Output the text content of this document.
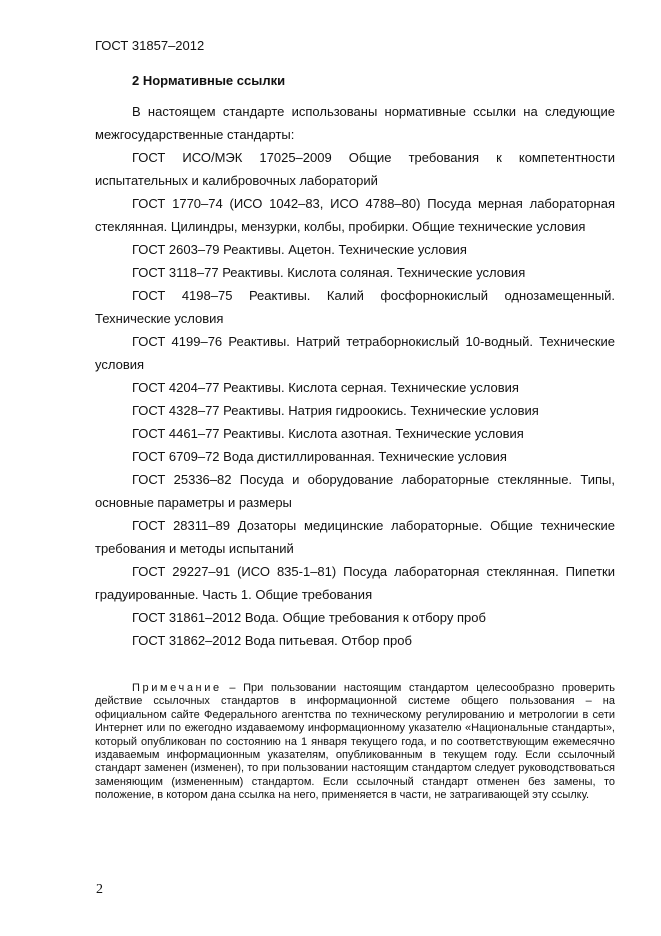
ГОСТ 31857–2012
2 Нормативные ссылки

В настоящем стандарте использованы нормативные ссылки на следующие межгосударственные стандарты:

ГОСТ ИСО/МЭК 17025–2009 Общие требования к компетентности испытательных и калибровочных лабораторий

ГОСТ 1770–74 (ИСО 1042–83, ИСО 4788–80) Посуда мерная лабораторная стеклянная. Цилиндры, мензурки, колбы, пробирки. Общие технические условия

ГОСТ 2603–79 Реактивы. Ацетон. Технические условия

ГОСТ 3118–77 Реактивы. Кислота соляная. Технические условия

ГОСТ 4198–75 Реактивы. Калий фосфорнокислый однозамещенный. Технические условия

ГОСТ 4199–76 Реактивы. Натрий тетраборнокислый 10-водный. Технические условия

ГОСТ 4204–77 Реактивы. Кислота серная. Технические условия

ГОСТ 4328–77 Реактивы. Натрия гидроокись. Технические условия

ГОСТ 4461–77 Реактивы. Кислота азотная. Технические условия

ГОСТ 6709–72 Вода дистиллированная. Технические условия

ГОСТ 25336–82 Посуда и оборудование лабораторные стеклянные. Типы, основные параметры и размеры

ГОСТ 28311–89 Дозаторы медицинские лабораторные. Общие технические требования и методы испытаний

ГОСТ 29227–91 (ИСО 835-1–81) Посуда лабораторная стеклянная. Пипетки градуированные. Часть 1. Общие требования

ГОСТ 31861–2012 Вода. Общие требования к отбору проб

ГОСТ 31862–2012 Вода питьевая. Отбор проб

Примечание – При пользовании настоящим стандартом целесообразно проверить действие ссылочных стандартов в информационной системе общего пользования – на официальном сайте Федерального агентства по техническому регулированию и метрологии в сети Интернет или по ежегодно издаваемому информационному указателю «Национальные стандарты», который опубликован по состоянию на 1 января текущего года, и по соответствующим ежемесячно издаваемым информационным указателям, опубликованным в текущем году. Если ссылочный стандарт заменен (изменен), то при пользовании настоящим стандартом следует руководствоваться заменяющим (измененным) стандартом. Если ссылочный стандарт отменен без замены, то положение, в котором дана ссылка на него, применяется в части, не затрагивающей эту ссылку.
2
